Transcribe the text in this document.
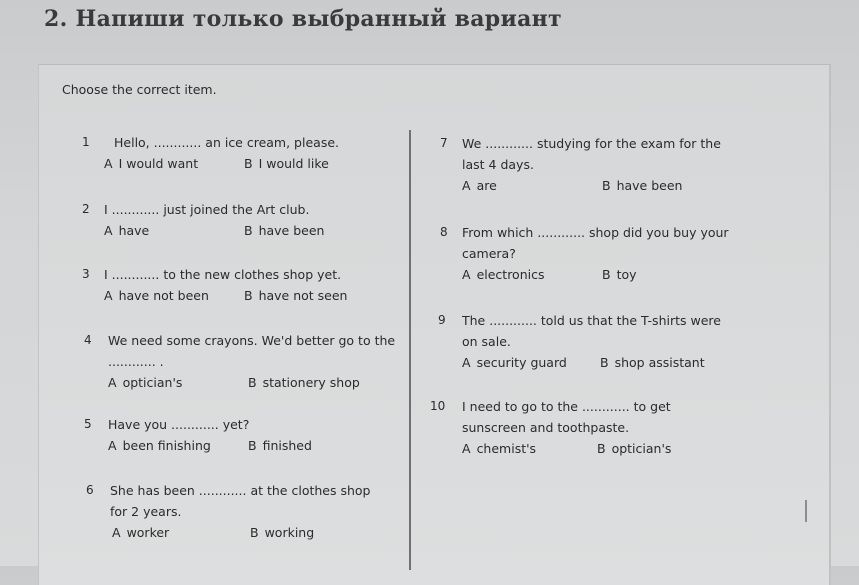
2. Напиши только выбранный вариант
Choose the correct item.
1 Hello, ............ an ice cream, please.
A I would want	B I would like
2 I ............ just joined the Art club.
A have	B have been
3 I ............ to the new clothes shop yet.
A have not been	B have not seen
4 We need some crayons. We'd better go to the
............ .
A optician's	B stationery shop
5 Have you ............ yet?
A been finishing	B finished
6 She has been ............ at the clothes shop
for 2 years.
A worker	B working
7 We ............ studying for the exam for the
last 4 days.
A are	B have been
8 From which ............ shop did you buy your
camera?
A electronics	B toy
9 The ............ told us that the T-shirts were
on sale.
A security guard	B shop assistant
10 I need to go to the ............ to get
sunscreen and toothpaste.
A chemist's	B optician's
